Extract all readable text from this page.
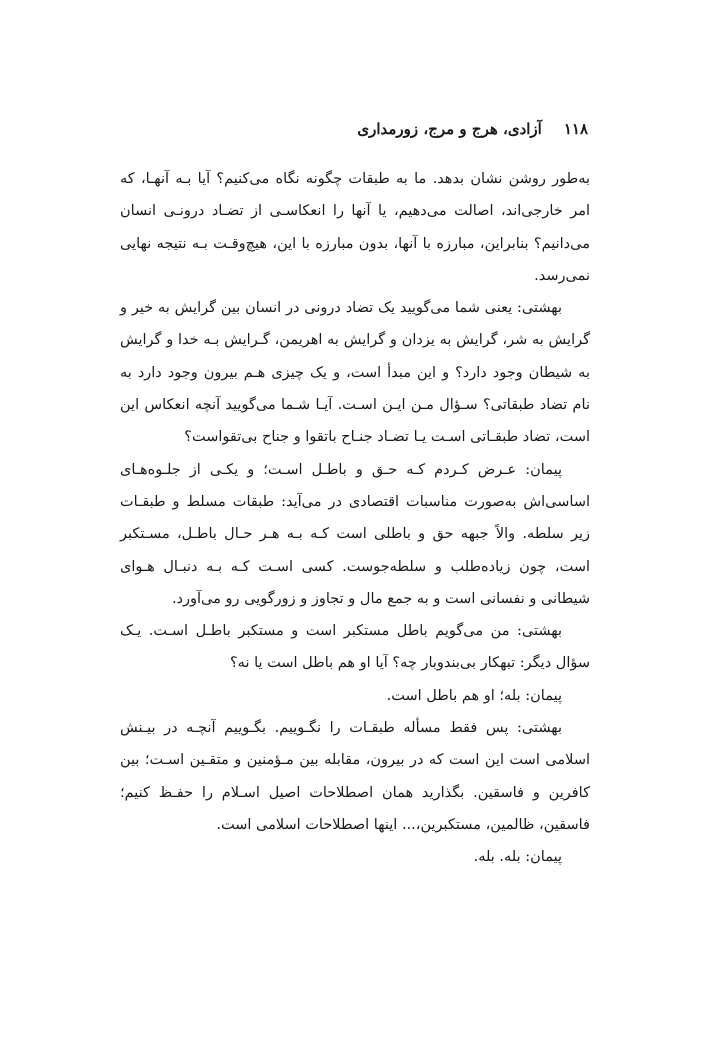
۱۱۸آزادی، هرج و مرج، زورمداری

به‌طور روشن نشان بدهد. ما به طبقات چگونه نگاه می‌کنیم؟ آیا بـه آنهـا، که امر خارجی‌اند، اصالت می‌دهیم، یا آنها را انعکاسـی از تضـاد درونـی انسان می‌دانیم؟ بنابراین، مبارزه با آنها، بدون مبارزه با این، هیچ‌وقـت بـه نتیجه نهایی نمی‌رسد.

بهشتی: یعنی شما می‌گویید یک تضاد درونی در انسان بین گرایش به خیر و گرایش به شر، گرایش به یزدان و گرایش به اهریمن، گـرایش بـه خدا و گرایش به شیطان وجود دارد؟ و این مبدأ است، و یک چیزی هـم بیرون وجود دارد به نام تضاد طبقاتی؟ سـؤال مـن ایـن اسـت. آیـا شـما می‌گویید آنچه انعکاس این است، تضاد طبقـاتی اسـت یـا تضـاد جنـاح باتقوا و جناح بی‌تقواست؟

پیمان: عـرض کـردم کـه حـق و باطـل اسـت؛ و یکـی از جلـوه‌هـای اساسی‌اش به‌صورت مناسبات اقتصادی در می‌آید: طبقات مسلط و طبقـات زیر سلطه. والاً جبهه حق و باطلی است کـه بـه هـر حـال باطـل، مسـتکبر است، چون زیاده‌طلب و سلطه‌جوست. کسی اسـت کـه بـه دنبـال هـوای شیطانی و نفسانی است و به جمع مال و تجاوز و زورگویی رو می‌آورد.

بهشتی: من می‌گویم باطل مستکبر است و مستکبر باطـل اسـت. یـک سؤال دیگر: تبهکار بی‌بندوبار چه؟ آیا او هم باطل است یا نه؟

پیمان: بله؛ او هم باطل است.

بهشتی: پس فقط مسأله طبقـات را نگـوییم. بگـوییم آنچـه در بیـنش اسلامی است این است که در بیرون، مقابله بین مـؤمنین و متقـین اسـت؛ بین کافرین و فاسقین. بگذارید همان اصطلاحات اصیل اسـلام را حفـظ کنیم؛ فاسقین، ظالمین، مستکبرین،... اینها اصطلاحات اسلامی است.

پیمان: بله. بله.
